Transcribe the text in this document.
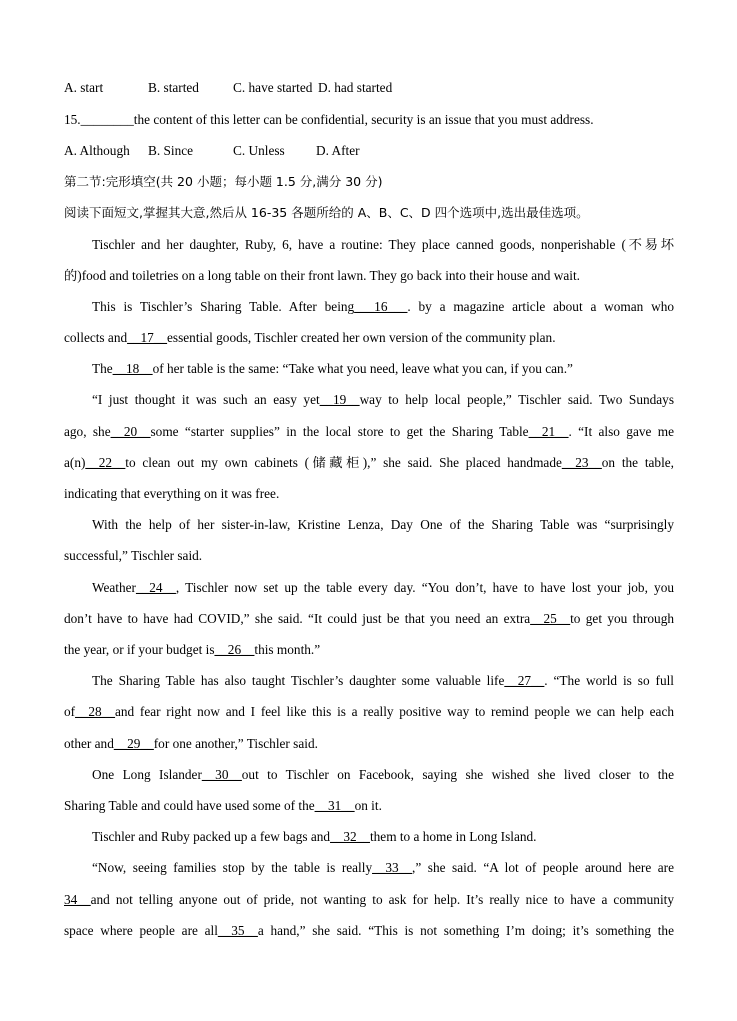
A. start	B. started	C. have started D. had started
15.________the content of this letter can be confidential, security is an issue that you must address.
A. Although B. Since	C. Unless D. After
第二节:完形填空(共 20 小题；每小题 1.5 分,满分 30 分)
阅读下面短文,掌握其大意,然后从 16-35 各题所给的 A、B、C、D 四个选项中,选出最佳选项。
Tischler and her daughter, Ruby, 6, have a routine: They place canned goods, nonperishable (不易坏
的)food and toiletries on a long table on their front lawn. They go back into their house and wait.
This is Tischler’s Sharing Table. After being___16___. by a magazine article about a woman who
collects and__17__essential goods, Tischler created her own version of the community plan.
The__18__of her table is the same: “Take what you need, leave what you can, if you can.”
“I just thought it was such an easy yet__19__way to help local people,” Tischler said. Two Sundays
ago, she__20__some “starter supplies” in the local store to get the Sharing Table__21__. “It also gave me
a(n)__22__to clean out my own cabinets (储藏柜),” she said. She placed handmade__23__on the table,
indicating that everything on it was free.
With the help of her sister-in-law, Kristine Lenza, Day One of the Sharing Table was “surprisingly
successful,” Tischler said.
Weather__24__, Tischler now set up the table every day. “You don’t, have to have lost your job, you
don’t have to have had COVID,” she said. “It could just be that you need an extra__25__to get you through
the year, or if your budget is__26__this month.”
The Sharing Table has also taught Tischler’s daughter some valuable life__27__. “The world is so full
of__28__and fear right now and I feel like this is a really positive way to remind people we can help each
other and__29__for one another,” Tischler said.
One Long Islander__30__out to Tischler on Facebook, saying she wished she lived closer to the
Sharing Table and could have used some of the__31__on it.
Tischler and Ruby packed up a few bags and__32__them to a home in Long Island.
“Now, seeing families stop by the table is really__33__,” she said. “A lot of people around here are
34__and not telling anyone out of pride, not wanting to ask for help. It’s really nice to have a community
space where people are all__35__a hand,” she said. “This is not something I’m doing; it’s something the
